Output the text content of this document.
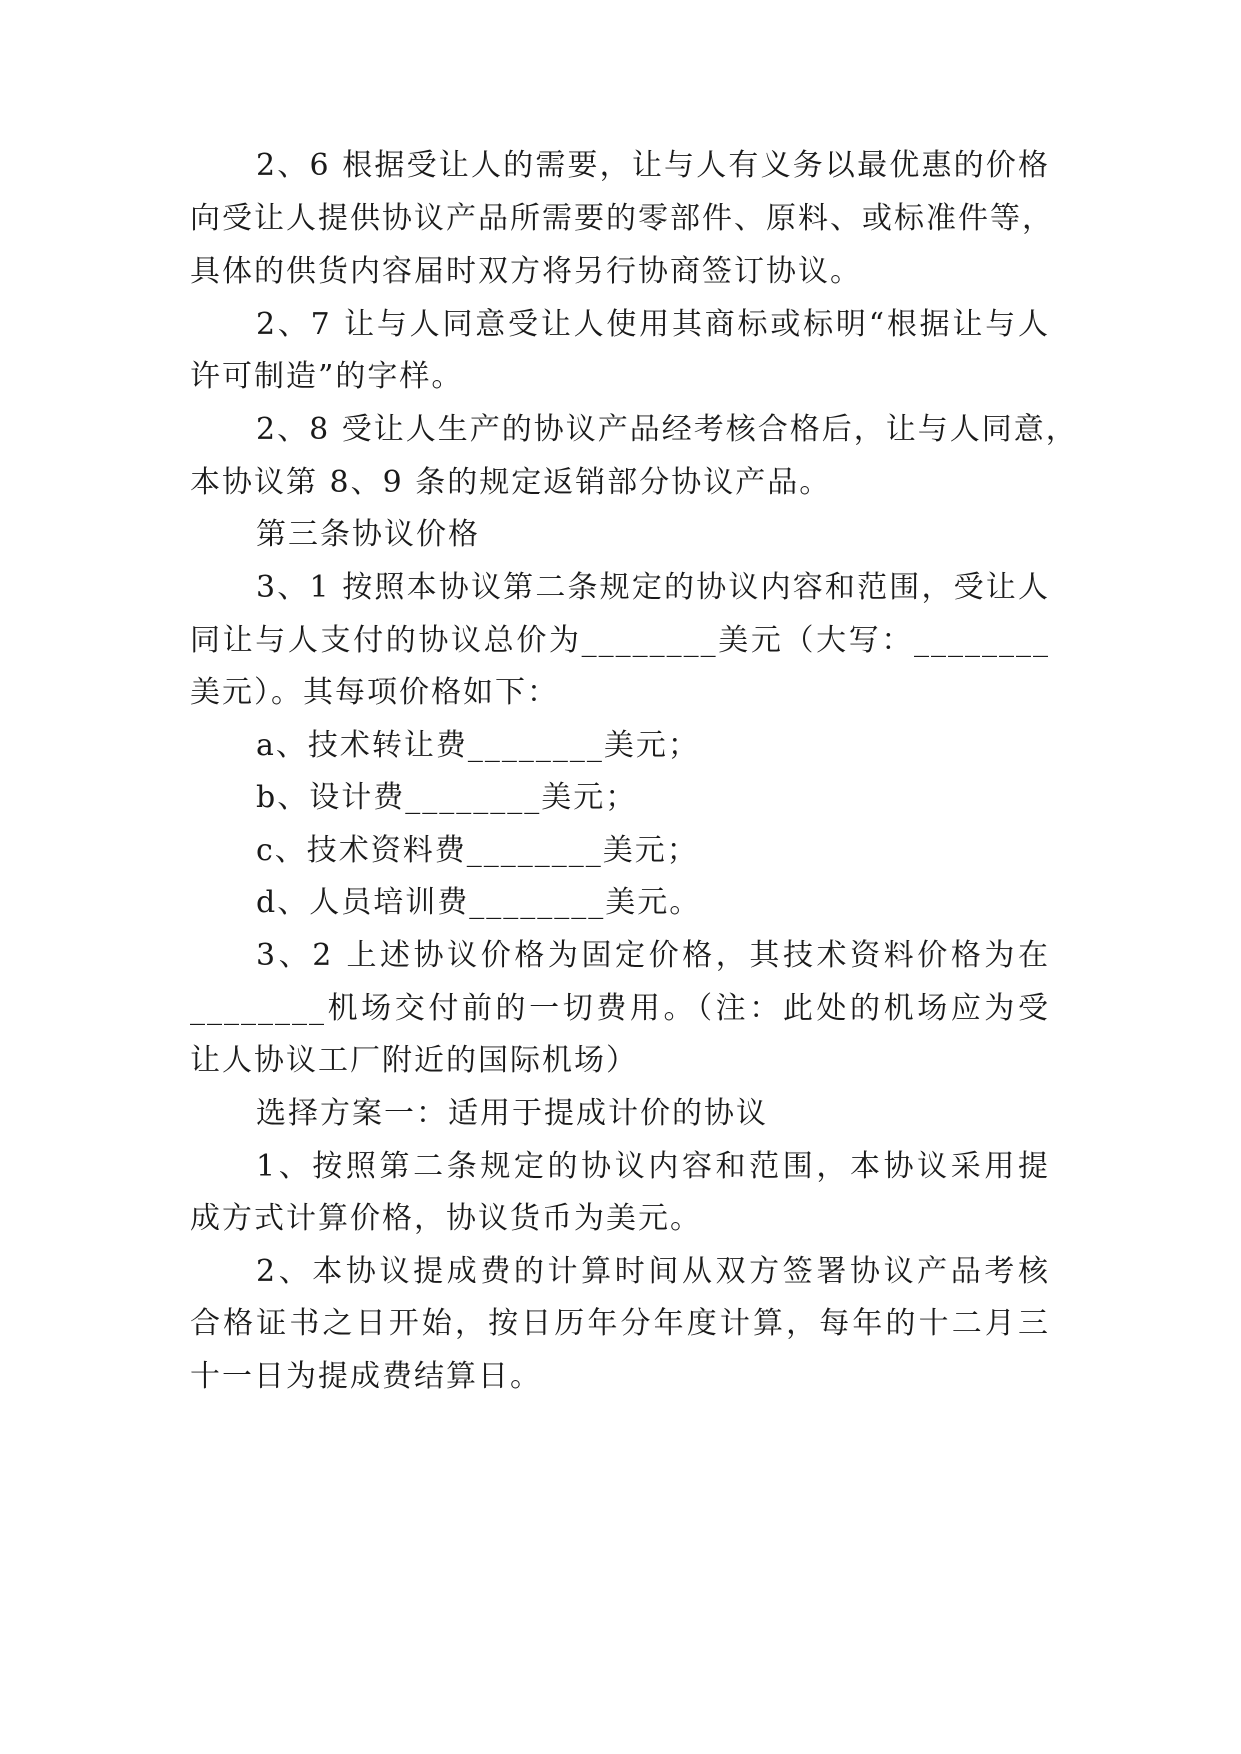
2、6 根据受让人的需要，让与人有义务以最优惠的价格
向受让人提供协议产品所需要的零部件、原料、或标准件等，
具体的供货内容届时双方将另行协商签订协议。
2、7 让与人同意受让人使用其商标或标明“根据让与人
许可制造”的字样。
2、8 受让人生产的协议产品经考核合格后，让与人同意，
本协议第 8、9 条的规定返销部分协议产品。
第三条协议价格
3、1 按照本协议第二条规定的协议内容和范围，受让人
同让与人支付的协议总价为________美元（大写：________
美元）。其每项价格如下：
a、技术转让费________美元；
b、设计费________美元；
c、技术资料费________美元；
d、人员培训费________美元。
3、2 上述协议价格为固定价格，其技术资料价格为在
________机场交付前的一切费用。（注：此处的机场应为受
让人协议工厂附近的国际机场）
选择方案一：适用于提成计价的协议
1、按照第二条规定的协议内容和范围，本协议采用提
成方式计算价格，协议货币为美元。
2、本协议提成费的计算时间从双方签署协议产品考核
合格证书之日开始，按日历年分年度计算，每年的十二月三
十一日为提成费结算日。
